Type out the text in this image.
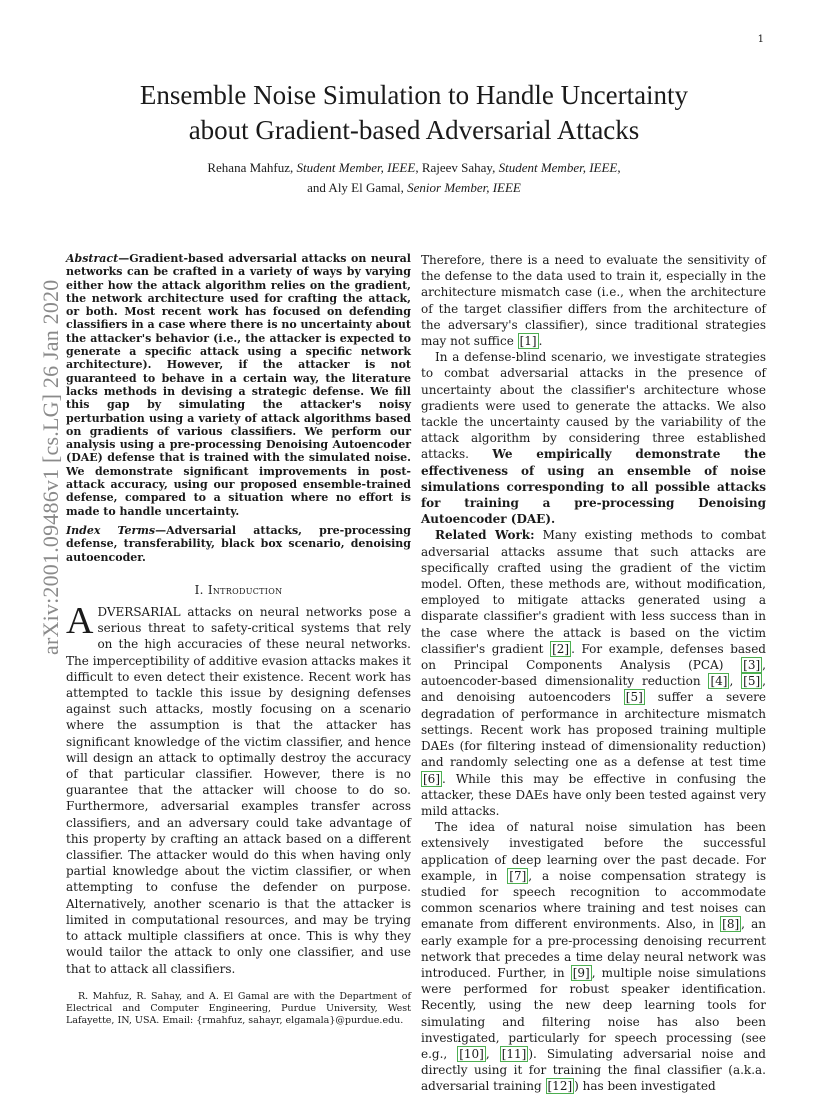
1
arXiv:2001.09486v1 [cs.LG] 26 Jan 2020
Ensemble Noise Simulation to Handle Uncertainty
about Gradient-based Adversarial Attacks
Rehana Mahfuz, Student Member, IEEE, Rajeev Sahay, Student Member, IEEE,
and Aly El Gamal, Senior Member, IEEE

Abstract—Gradient-based adversarial attacks on neural networks can be crafted in a variety of ways by varying either how the attack algorithm relies on the gradient, the network architecture used for crafting the attack, or both. Most recent work has focused on defending classifiers in a case where there is no uncertainty about the attacker's behavior (i.e., the attacker is expected to generate a specific attack using a specific network architecture). However, if the attacker is not guaranteed to behave in a certain way, the literature lacks methods in devising a strategic defense. We fill this gap by simulating the attacker's noisy perturbation using a variety of attack algorithms based on gradients of various classifiers. We perform our analysis using a pre-processing Denoising Autoencoder (DAE) defense that is trained with the simulated noise. We demonstrate significant improvements in post-attack accuracy, using our proposed ensemble-trained defense, compared to a situation where no effort is made to handle uncertainty.

Index Terms—Adversarial attacks, pre-processing defense, transferability, black box scenario, denoising autoencoder.

I. Introduction

ADVERSARIAL attacks on neural networks pose a serious threat to safety-critical systems that rely on the high accuracies of these neural networks. The imperceptibility of additive evasion attacks makes it difficult to even detect their existence. Recent work has attempted to tackle this issue by designing defenses against such attacks, mostly focusing on a scenario where the assumption is that the attacker has significant knowledge of the victim classifier, and hence will design an attack to optimally destroy the accuracy of that particular classifier. However, there is no guarantee that the attacker will choose to do so. Furthermore, adversarial examples transfer across classifiers, and an adversary could take advantage of this property by crafting an attack based on a different classifier. The attacker would do this when having only partial knowledge about the victim classifier, or when attempting to confuse the defender on purpose. Alternatively, another scenario is that the attacker is limited in computational resources, and may be trying to attack multiple classifiers at once. This is why they would tailor the attack to only one classifier, and use that to attack all classifiers.

R. Mahfuz, R. Sahay, and A. El Gamal are with the Department of Electrical and Computer Engineering, Purdue University, West Lafayette, IN, USA. Email: {rmahfuz, sahayr, elgamala}@purdue.edu.

Therefore, there is a need to evaluate the sensitivity of the defense to the data used to train it, especially in the architecture mismatch case (i.e., when the architecture of the target classifier differs from the architecture of the adversary's classifier), since traditional strategies may not suffice [1] .

In a defense-blind scenario, we investigate strategies to combat adversarial attacks in the presence of uncertainty about the classifier's architecture whose gradients were used to generate the attacks. We also tackle the uncertainty caused by the variability of the attack algorithm by considering three established attacks. We empirically demonstrate the effectiveness of using an ensemble of noise simulations corresponding to all possible attacks for training a pre-processing Denoising Autoencoder (DAE).

Related Work: Many existing methods to combat adversarial attacks assume that such attacks are specifically crafted using the gradient of the victim model. Often, these methods are, without modification, employed to mitigate attacks generated using a disparate classifier's gradient with less success than in the case where the attack is based on the victim classifier's gradient [2] . For example, defenses based on Principal Components Analysis (PCA) [3] , autoencoder-based dimensionality reduction [4] , [5] , and denoising autoencoders [5] suffer a severe degradation of performance in architecture mismatch settings. Recent work has proposed training multiple DAEs (for filtering instead of dimensionality reduction) and randomly selecting one as a defense at test time [6] . While this may be effective in confusing the attacker, these DAEs have only been tested against very mild attacks.

The idea of natural noise simulation has been extensively investigated before the successful application of deep learning over the past decade. For example, in [7] , a noise compensation strategy is studied for speech recognition to accommodate common scenarios where training and test noises can emanate from different environments. Also, in [8] , an early example for a pre-processing denoising recurrent network that precedes a time delay neural network was introduced. Further, in [9] , multiple noise simulations were performed for robust speaker identification. Recently, using the new deep learning tools for simulating and filtering noise has also been investigated, particularly for speech processing (see e.g., [10] , [11] ). Simulating adversarial noise and directly using it for training the final classifier (a.k.a. adversarial training [12] ) has been investigated
